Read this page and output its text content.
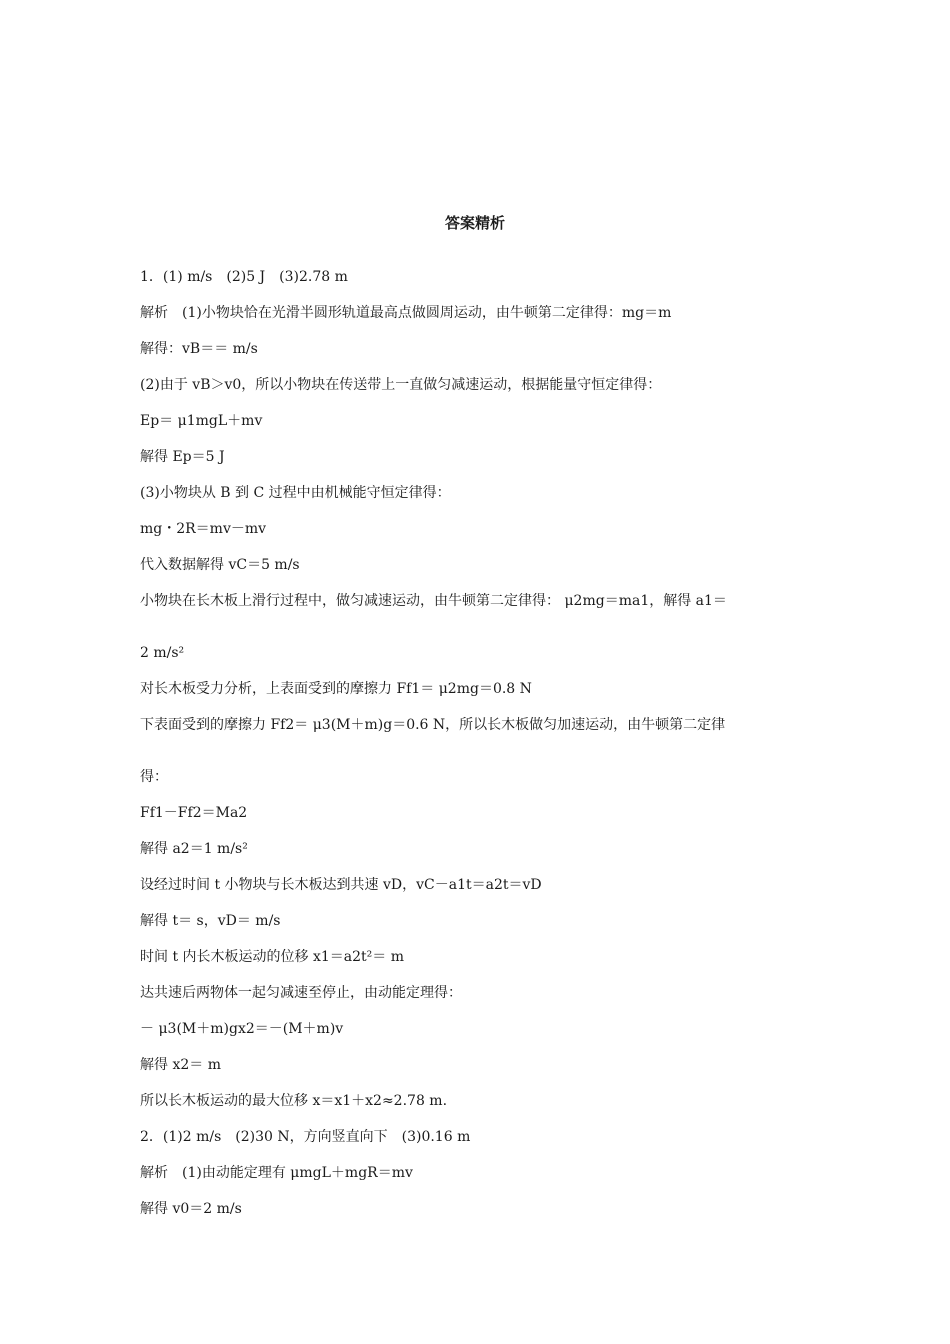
答案精析
1．(1) m/s　(2)5 J　(3)2.78 m
解析　(1)小物块恰在光滑半圆形轨道最高点做圆周运动，由牛顿第二定律得：mg＝m
解得：vB＝＝ m/s
(2)由于 vB＞v0，所以小物块在传送带上一直做匀减速运动，根据能量守恒定律得：
Ep＝ μ1mgL＋mv
解得 Ep＝5 J
(3)小物块从 B 到 C 过程中由机械能守恒定律得：
mg・2R＝mv－mv
代入数据解得 vC＝5 m/s
小物块在长木板上滑行过程中，做匀减速运动，由牛顿第二定律得： μ2mg＝ma1，解得 a1＝
2 m/s²
对长木板受力分析，上表面受到的摩擦力 Ff1＝ μ2mg＝0.8 N
下表面受到的摩擦力 Ff2＝ μ3(M＋m)g＝0.6 N，所以长木板做匀加速运动，由牛顿第二定律
得：
Ff1－Ff2＝Ma2
解得 a2＝1 m/s²
设经过时间 t 小物块与长木板达到共速 vD，vC－a1t＝a2t＝vD
解得 t＝ s，vD＝ m/s
时间 t 内长木板运动的位移 x1＝a2t²＝ m
达共速后两物体一起匀减速至停止，由动能定理得：
－ μ3(M＋m)gx2＝－(M＋m)v
解得 x2＝ m
所以长木板运动的最大位移 x＝x1＋x2≈2.78 m.
2．(1)2 m/s　(2)30 N，方向竖直向下　(3)0.16 m
解析　(1)由动能定理有 μmgL＋mgR＝mv
解得 v0＝2 m/s
